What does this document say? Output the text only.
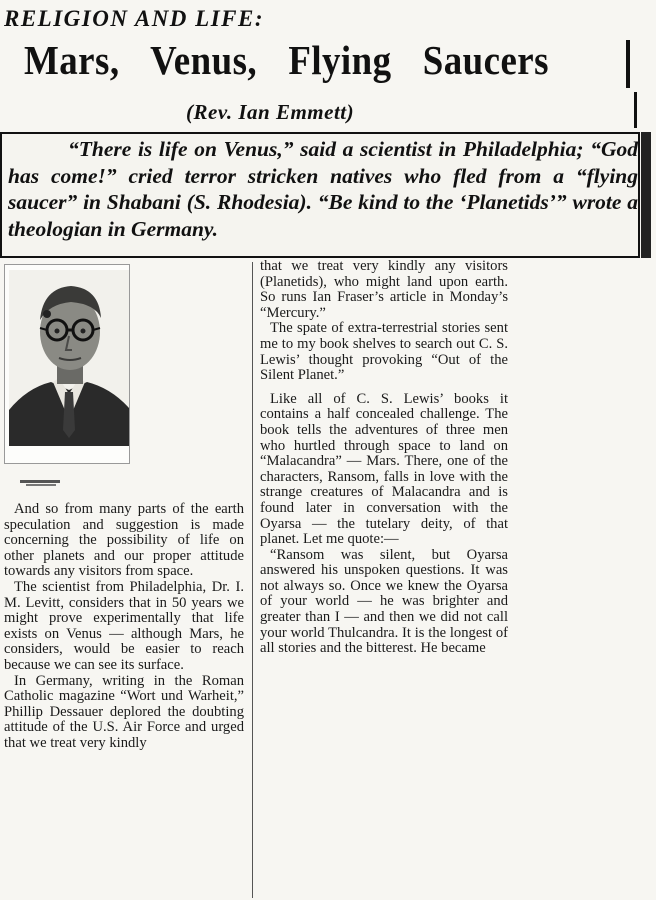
RELIGION AND LIFE:
Mars, Venus, Flying Saucers
(Rev. Ian Emmett)
“There is life on Venus,” said a scientist in Philadelphia; “God has come!” cried terror stricken natives who fled from a “flying saucer” in Shabani (S. Rhodesia). “Be kind to the ‘Planetids’” wrote a theologian in Germany.

And so from many parts of the earth speculation and suggestion is made concerning the possibility of life on other planets and our proper attitude towards any visitors from space.

The scientist from Philadelphia, Dr. I. M. Levitt, considers that in 50 years we might prove experimentally that life exists on Venus — although Mars, he considers, would be easier to reach because we can see its surface.

In Germany, writing in the Roman Catholic magazine “Wort und Warheit,” Phillip Dessauer deplored the doubting attitude of the U.S. Air Force and urged that we treat very kindly

that we treat very kindly any visitors (Planetids), who might land upon earth. So runs Ian Fraser’s article in Monday’s “Mercury.”

The spate of extra-terrestrial stories sent me to my book shelves to search out C. S. Lewis’ thought provoking “Out of the Silent Planet.”

Like all of C. S. Lewis’ books it contains a half concealed challenge. The book tells the adventures of three men who hurtled through space to land on “Malacandra” — Mars. There, one of the characters, Ransom, falls in love with the strange creatures of Malacandra and is found later in conversation with the Oyarsa — the tutelary deity, of that planet. Let me quote:—

“Ransom was silent, but Oyarsa answered his unspoken questions. It was not always so. Once we knew the Oyarsa of your world — he was brighter and greater than I — and then we did not call your world Thulcandra. It is the longest of all stories and the bitterest. He became
